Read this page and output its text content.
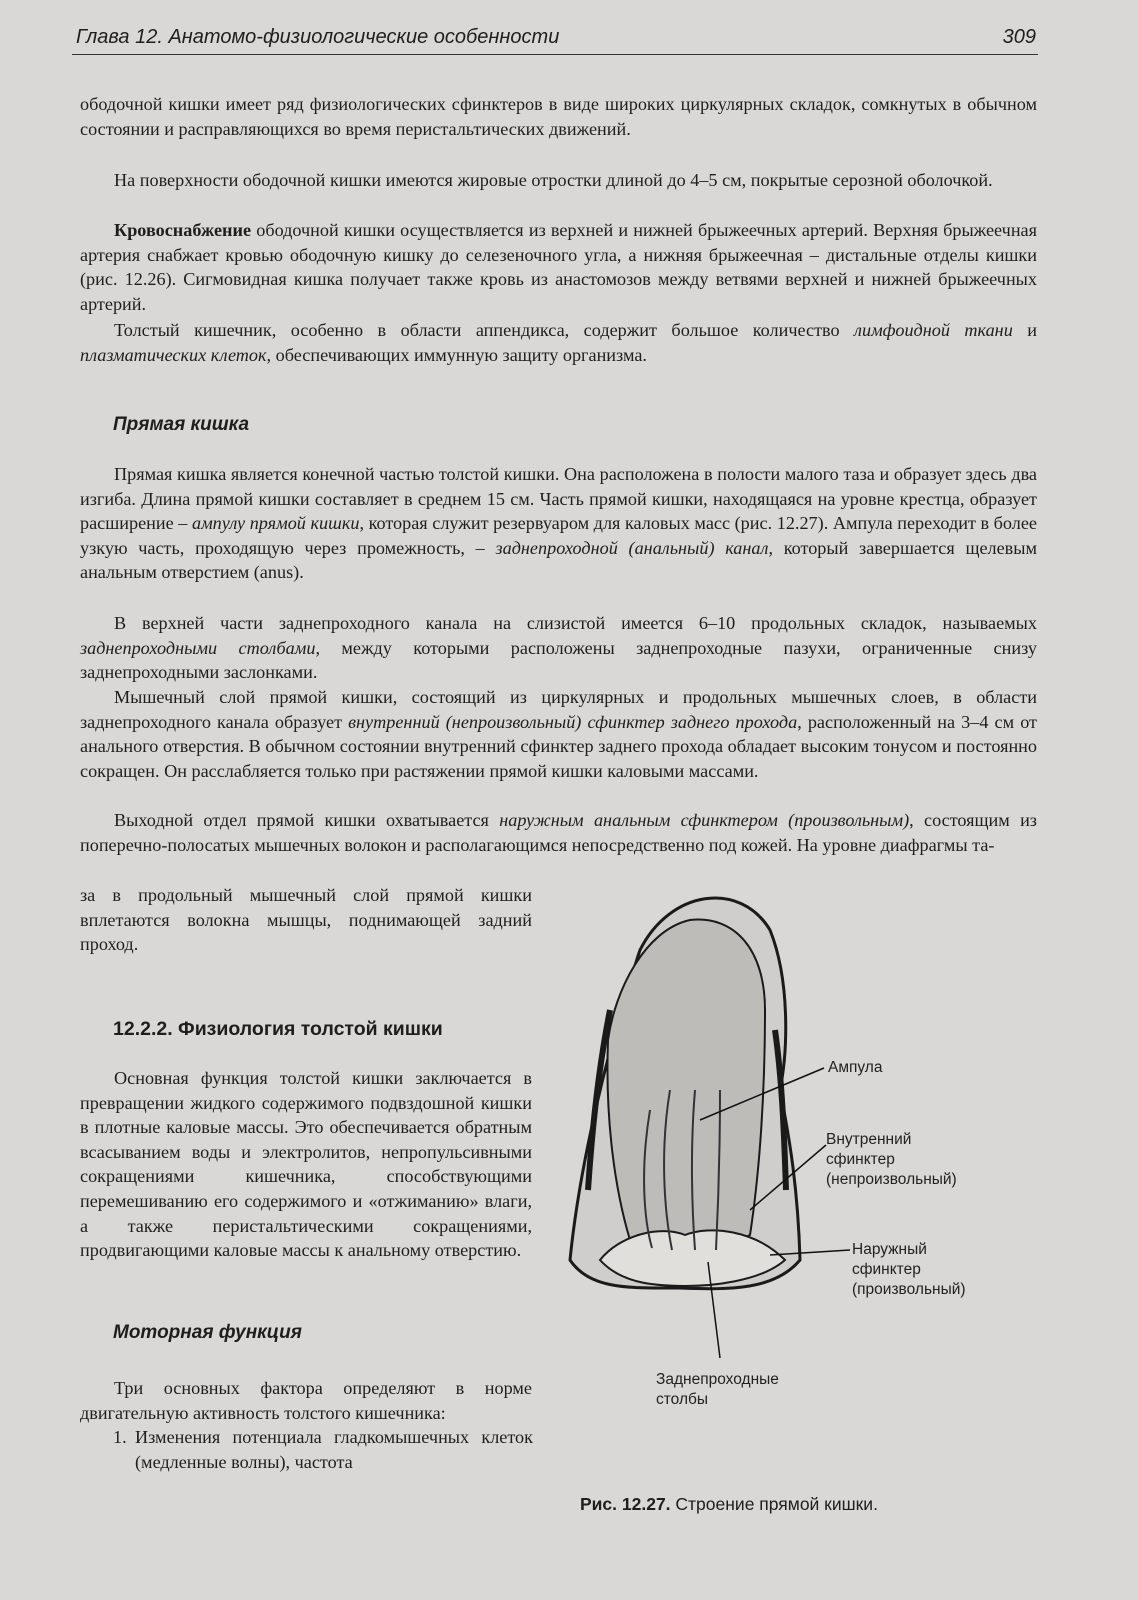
Глава 12. Анатомо-физиологические особенности	309
ободочной кишки имеет ряд физиологических сфинктеров в виде широких циркулярных складок, сомкнутых в обычном состоянии и расправляющихся во время перистальтических движений.
На поверхности ободочной кишки имеются жировые отростки длиной до 4–5 см, покрытые серозной оболочкой.
Кровоснабжение ободочной кишки осуществляется из верхней и нижней брыжеечных артерий. Верхняя брыжеечная артерия снабжает кровью ободочную кишку до селезеночного угла, а нижняя брыжеечная – дистальные отделы кишки (рис. 12.26). Сигмовидная кишка получает также кровь из анастомозов между ветвями верхней и нижней брыжеечных артерий.
Толстый кишечник, особенно в области аппендикса, содержит большое количество лимфоидной ткани и плазматических клеток, обеспечивающих иммунную защиту организма.
Прямая кишка
Прямая кишка является конечной частью толстой кишки. Она расположена в полости малого таза и образует здесь два изгиба. Длина прямой кишки составляет в среднем 15 см. Часть прямой кишки, находящаяся на уровне крестца, образует расширение – ампулу прямой кишки, которая служит резервуаром для каловых масс (рис. 12.27). Ампула переходит в более узкую часть, проходящую через промежность, – заднепроходной (анальный) канал, который завершается щелевым анальным отверстием (anus).
В верхней части заднепроходного канала на слизистой имеется 6–10 продольных складок, называемых заднепроходными столбами, между которыми расположены заднепроходные пазухи, ограниченные снизу заднепроходными заслонками.
Мышечный слой прямой кишки, состоящий из циркулярных и продольных мышечных слоев, в области заднепроходного канала образует внутренний (непроизвольный) сфинктер заднего прохода, расположенный на 3–4 см от анального отверстия. В обычном состоянии внутренний сфинктер заднего прохода обладает высоким тонусом и постоянно сокращен. Он расслабляется только при растяжении прямой кишки каловыми массами.
Выходной отдел прямой кишки охватывается наружным анальным сфинктером (произвольным), состоящим из поперечно-полосатых мышечных волокон и располагающимся непосредственно под кожей. На уровне диафрагмы та-
за в продольный мышечный слой прямой кишки вплетаются волокна мышцы, поднимающей задний проход.
12.2.2. Физиология толстой кишки
Основная функция толстой кишки заключается в превращении жидкого содержимого подвздошной кишки в плотные каловые массы. Это обеспечивается обратным всасыванием воды и электролитов, непропульсивными сокращениями кишечника, способствующими перемешиванию его содержимого и «отжиманию» влаги, а также перистальтическими сокращениями, продвигающими каловые массы к анальному отверстию.
Моторная функция
Три основных фактора определяют в норме двигательную активность толстого кишечника:
1. Изменения потенциала гладкомышечных клеток (медленные волны), частота
Ампула
Внутренний
сфинктер
(непроизвольный)
Наружный
сфинктер
(произвольный)
Заднепроходные
столбы
Рис. 12.27. Строение прямой кишки.
